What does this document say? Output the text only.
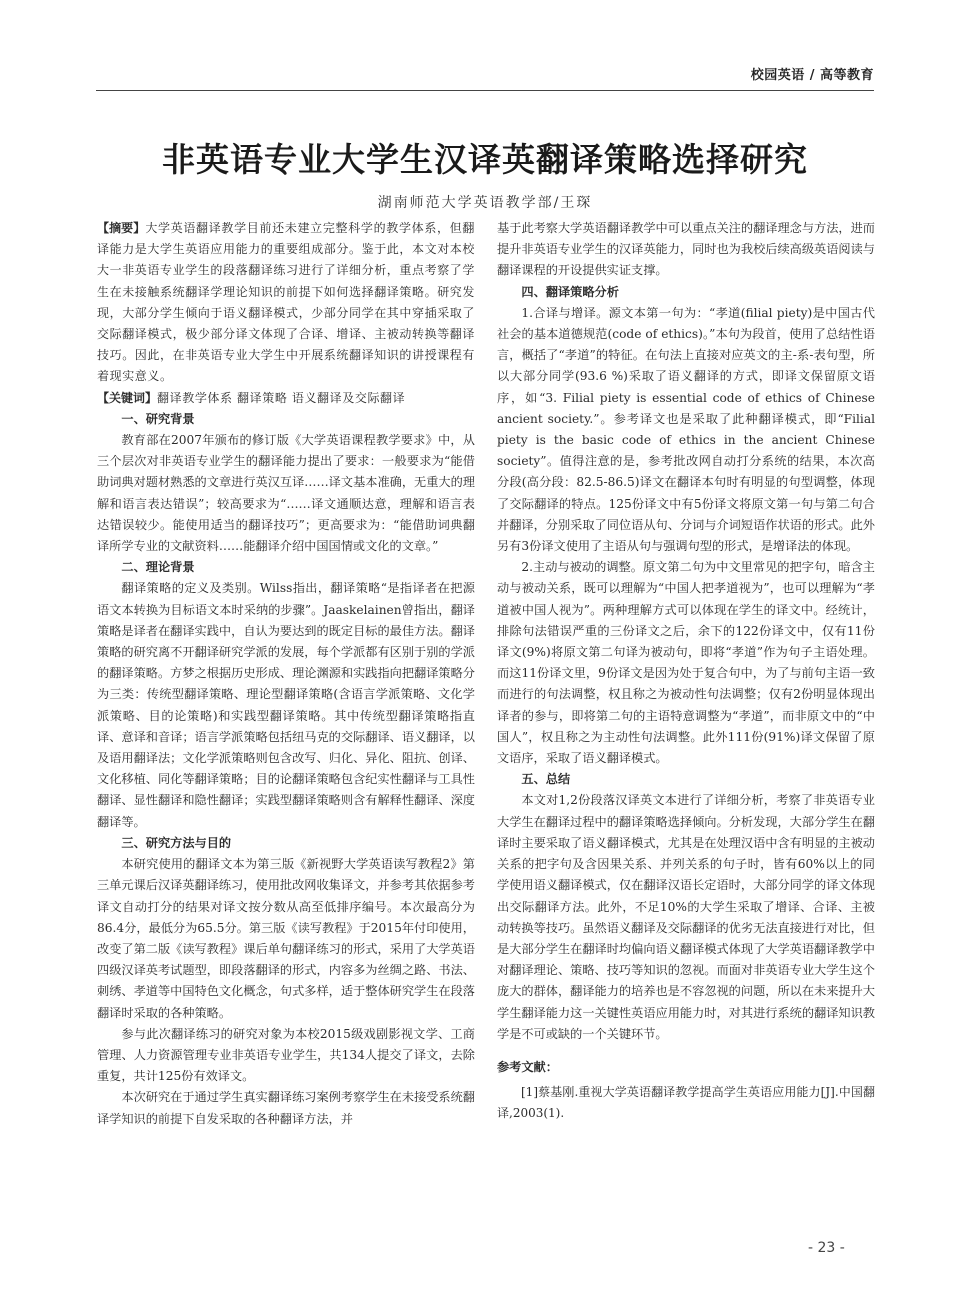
校园英语 / 高等教育
非英语专业大学生汉译英翻译策略选择研究
湖南师范大学英语教学部/王琛

【摘要】大学英语翻译教学目前还未建立完整科学的教学体系，但翻译能力是大学生英语应用能力的重要组成部分。鉴于此，本文对本校大一非英语专业学生的段落翻译练习进行了详细分析，重点考察了学生在未接触系统翻译学理论知识的前提下如何选择翻译策略。研究发现，大部分学生倾向于语义翻译模式，少部分同学在其中穿插采取了交际翻译模式，极少部分译文体现了合译、增译、主被动转换等翻译技巧。因此，在非英语专业大学生中开展系统翻译知识的讲授课程有着现实意义。

【关键词】翻译教学体系 翻译策略 语义翻译及交际翻译

一、研究背景

教育部在2007年颁布的修订版《大学英语课程教学要求》中，从三个层次对非英语专业学生的翻译能力提出了要求：一般要求为“能借助词典对题材熟悉的文章进行英汉互译……译文基本准确，无重大的理解和语言表达错误”；较高要求为“……译文通顺达意，理解和语言表达错误较少。能使用适当的翻译技巧”；更高要求为：“能借助词典翻译所学专业的文献资料……能翻译介绍中国国情或文化的文章。”

二、理论背景

翻译策略的定义及类别。Wilss指出，翻译策略“是指译者在把源语文本转换为目标语文本时采纳的步骤”。Jaaskelainen曾指出，翻译策略是译者在翻译实践中，自认为要达到的既定目标的最佳方法。翻译策略的研究离不开翻译研究学派的发展，每个学派都有区别于别的学派的翻译策略。方梦之根据历史形成、理论渊源和实践指向把翻译策略分为三类：传统型翻译策略、理论型翻译策略(含语言学派策略、文化学派策略、目的论策略)和实践型翻译策略。其中传统型翻译策略指直译、意译和音译；语言学派策略包括纽马克的交际翻译、语义翻译，以及语用翻译法；文化学派策略则包含改写、归化、异化、阻抗、创译、文化移植、同化等翻译策略；目的论翻译策略包含纪实性翻译与工具性翻译、显性翻译和隐性翻译；实践型翻译策略则含有解释性翻译、深度翻译等。

三、研究方法与目的

本研究使用的翻译文本为第三版《新视野大学英语读写教程2》第三单元课后汉译英翻译练习，使用批改网收集译文，并参考其依据参考译文自动打分的结果对译文按分数从高至低排序编号。本次最高分为86.4分，最低分为65.5分。第三版《读写教程》于2015年付印使用，改变了第二版《读写教程》课后单句翻译练习的形式，采用了大学英语四级汉译英考试题型，即段落翻译的形式，内容多为丝绸之路、书法、刺绣、孝道等中国特色文化概念，句式多样，适于整体研究学生在段落翻译时采取的各种策略。

参与此次翻译练习的研究对象为本校2015级戏剧影视文学、工商管理、人力资源管理专业非英语专业学生，共134人提交了译文，去除重复，共计125份有效译文。

本次研究在于通过学生真实翻译练习案例考察学生在未接受系统翻译学知识的前提下自发采取的各种翻译方法，并

基于此考察大学英语翻译教学中可以重点关注的翻译理念与方法，进而提升非英语专业学生的汉译英能力，同时也为我校后续高级英语阅读与翻译课程的开设提供实证支撑。

四、翻译策略分析

1.合译与增译。源文本第一句为：“孝道(filial piety)是中国古代社会的基本道德规范(code of ethics)。”本句为段首，使用了总结性语言，概括了“孝道”的特征。在句法上直接对应英文的主-系-表句型，所以大部分同学(93.6 %)采取了语义翻译的方式，即译文保留原文语序，如“3. Filial piety is essential code of ethics of Chinese ancient society.”。参考译文也是采取了此种翻译模式，即“Filial piety is the basic code of ethics in the ancient Chinese society”。值得注意的是，参考批改网自动打分系统的结果，本次高分段(高分段：82.5-86.5)译文在翻译本句时有明显的句型调整，体现了交际翻译的特点。125份译文中有5份译文将原文第一句与第二句合并翻译，分别采取了同位语从句、分词与介词短语作状语的形式。此外另有3份译文使用了主语从句与强调句型的形式，是增译法的体现。

2.主动与被动的调整。原文第二句为中文里常见的把字句，暗含主动与被动关系，既可以理解为“中国人把孝道视为”，也可以理解为“孝道被中国人视为”。两种理解方式可以体现在学生的译文中。经统计，排除句法错误严重的三份译文之后，余下的122份译文中，仅有11份译文(9%)将原文第二句译为被动句，即将“孝道”作为句子主语处理。而这11份译文里，9份译文是因为处于复合句中，为了与前句主语一致而进行的句法调整，权且称之为被动性句法调整；仅有2份明显体现出译者的参与，即将第二句的主语特意调整为“孝道”，而非原文中的“中国人”，权且称之为主动性句法调整。此外111份(91%)译文保留了原文语序，采取了语义翻译模式。

五、总结

本文对1,2份段落汉译英文本进行了详细分析，考察了非英语专业大学生在翻译过程中的翻译策略选择倾向。分析发现，大部分学生在翻译时主要采取了语义翻译模式，尤其是在处理汉语中含有明显的主被动关系的把字句及含因果关系、并列关系的句子时，皆有60%以上的同学使用语义翻译模式，仅在翻译汉语长定语时，大部分同学的译文体现出交际翻译方法。此外，不足10%的大学生采取了增译、合译、主被动转换等技巧。虽然语义翻译及交际翻译的优劣无法直接进行对比，但是大部分学生在翻译时均偏向语义翻译模式体现了大学英语翻译教学中对翻译理论、策略、技巧等知识的忽视。而面对非英语专业大学生这个庞大的群体，翻译能力的培养也是不容忽视的问题，所以在未来提升大学生翻译能力这一关键性英语应用能力时，对其进行系统的翻译知识教学是不可或缺的一个关键环节。

参考文献：

[1]蔡基刚.重视大学英语翻译教学提高学生英语应用能力[J].中国翻译,2003(1).

- 23 -
